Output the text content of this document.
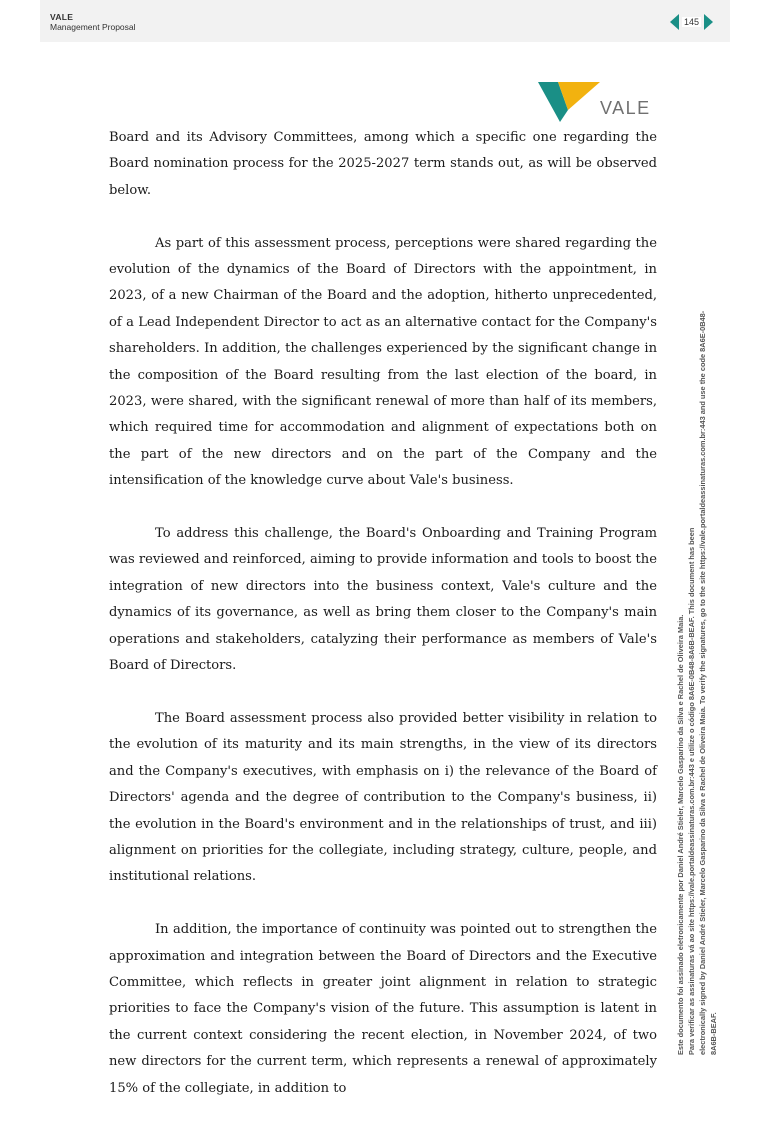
VALE
Management Proposal	145
VALE

Board and its Advisory Committees, among which a specific one regarding the Board nomination process for the 2025-2027 term stands out, as will be observed below.

As part of this assessment process, perceptions were shared regarding the evolution of the dynamics of the Board of Directors with the appointment, in 2023, of a new Chairman of the Board and the adoption, hitherto unprecedented, of a Lead Independent Director to act as an alternative contact for the Company's shareholders. In addition, the challenges experienced by the significant change in the composition of the Board resulting from the last election of the board, in 2023, were shared, with the significant renewal of more than half of its members, which required time for accommodation and alignment of expectations both on the part of the new directors and on the part of the Company and the intensification of the knowledge curve about Vale's business.

To address this challenge, the Board's Onboarding and Training Program was reviewed and reinforced, aiming to provide information and tools to boost the integration of new directors into the business context, Vale's culture and the dynamics of its governance, as well as bring them closer to the Company's main operations and stakeholders, catalyzing their performance as members of Vale's Board of Directors.

The Board assessment process also provided better visibility in relation to the evolution of its maturity and its main strengths, in the view of its directors and the Company's executives, with emphasis on i) the relevance of the Board of Directors' agenda and the degree of contribution to the Company's business, ii) the evolution in the Board's environment and in the relationships of trust, and iii) alignment on priorities for the collegiate, including strategy, culture, people, and institutional relations.

In addition, the importance of continuity was pointed out to strengthen the approximation and integration between the Board of Directors and the Executive Committee, which reflects in greater joint alignment in relation to strategic priorities to face the Company's vision of the future. This assumption is latent in the current context considering the recent election, in November 2024, of two new directors for the current term, which represents a renewal of approximately 15% of the collegiate, in addition to

Este documento foi assinado eletronicamente por Daniel André Stieler, Marcelo Gasparino da Silva e Rachel de Oliveira Maia. Para verificar as assinaturas vá ao site https://vale.portaldeassinaturas.com.br:443 e utilize o código 8A6E-0B48-8A6B-BEAF. This document has been electronically signed by Daniel André Stieler, Marcelo Gasparino da Silva e Rachel de Oliveira Maia. To verify the signatures, go to the site https://vale.portaldeassinaturas.com.br:443 and use the code 8A6E-0B48- 8A6B-BEAF.
